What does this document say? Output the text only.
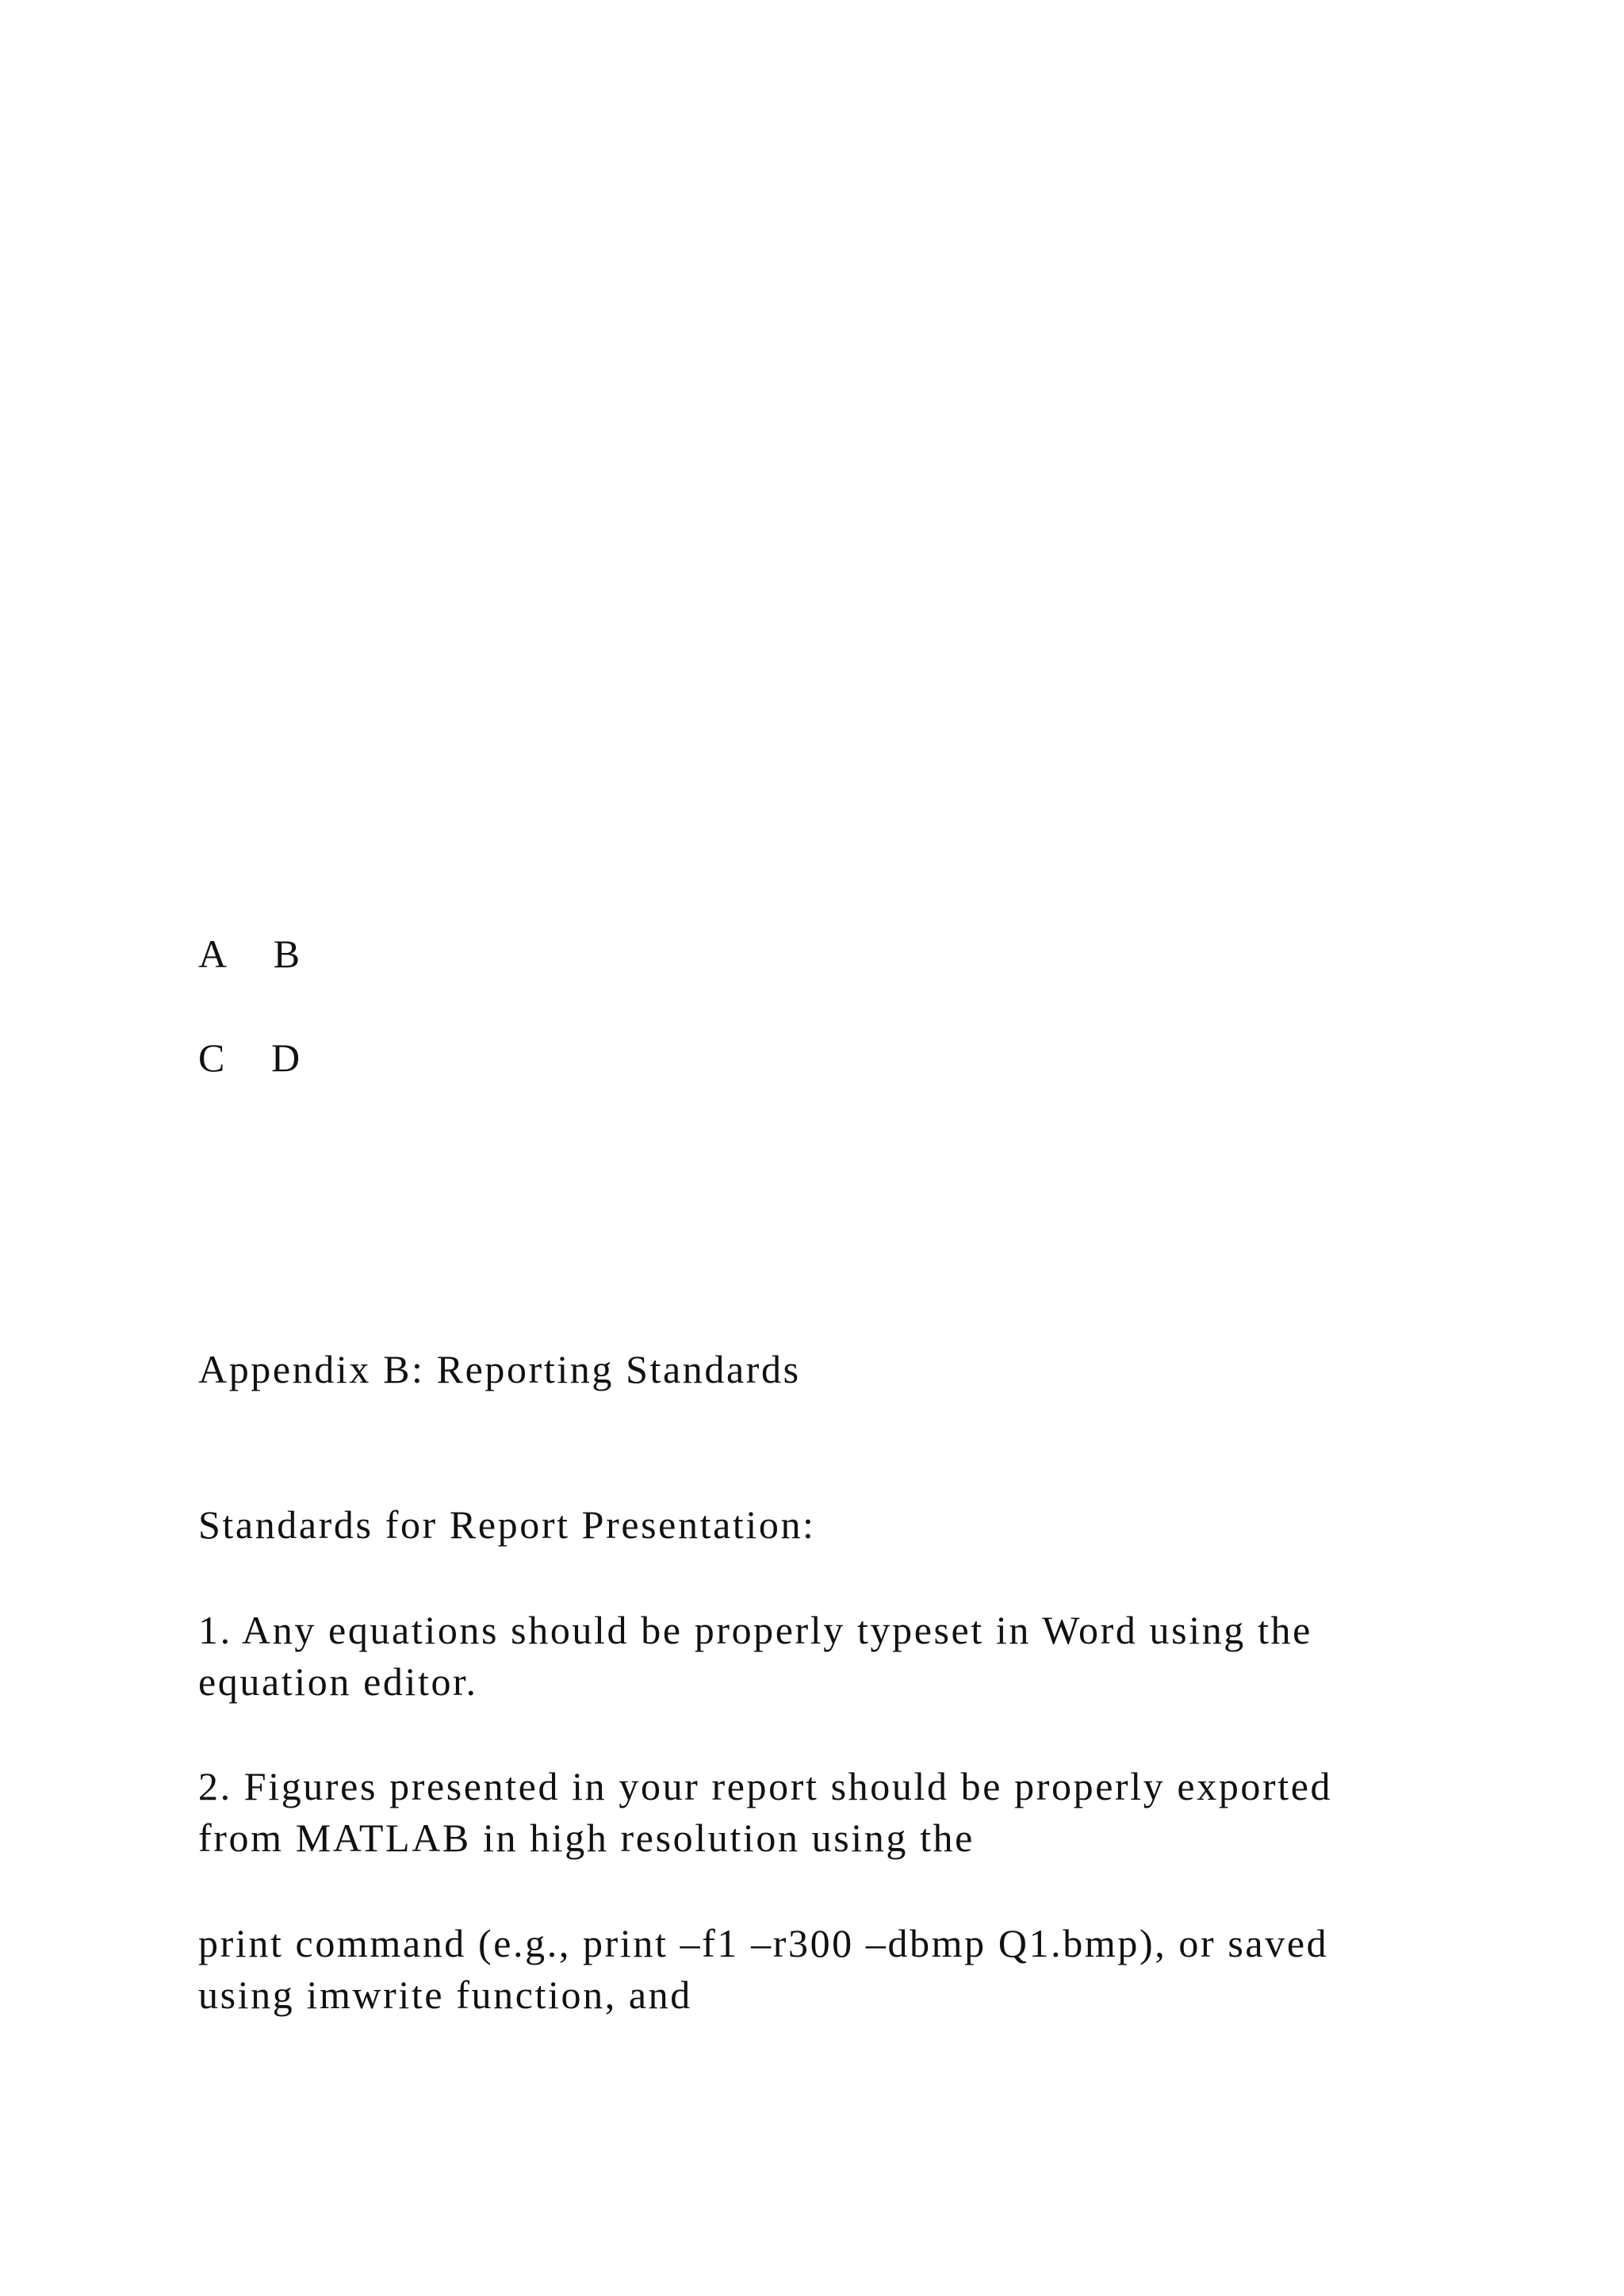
A B
C D
Appendix B: Reporting Standards
Standards for Report Presentation:
1. Any equations should be properly typeset in Word using the
equation editor.
2. Figures presented in your report should be properly exported
from MATLAB in high resolution using the
print command (e.g., print –f1 –r300 –dbmp Q1.bmp), or saved
using imwrite function, and
